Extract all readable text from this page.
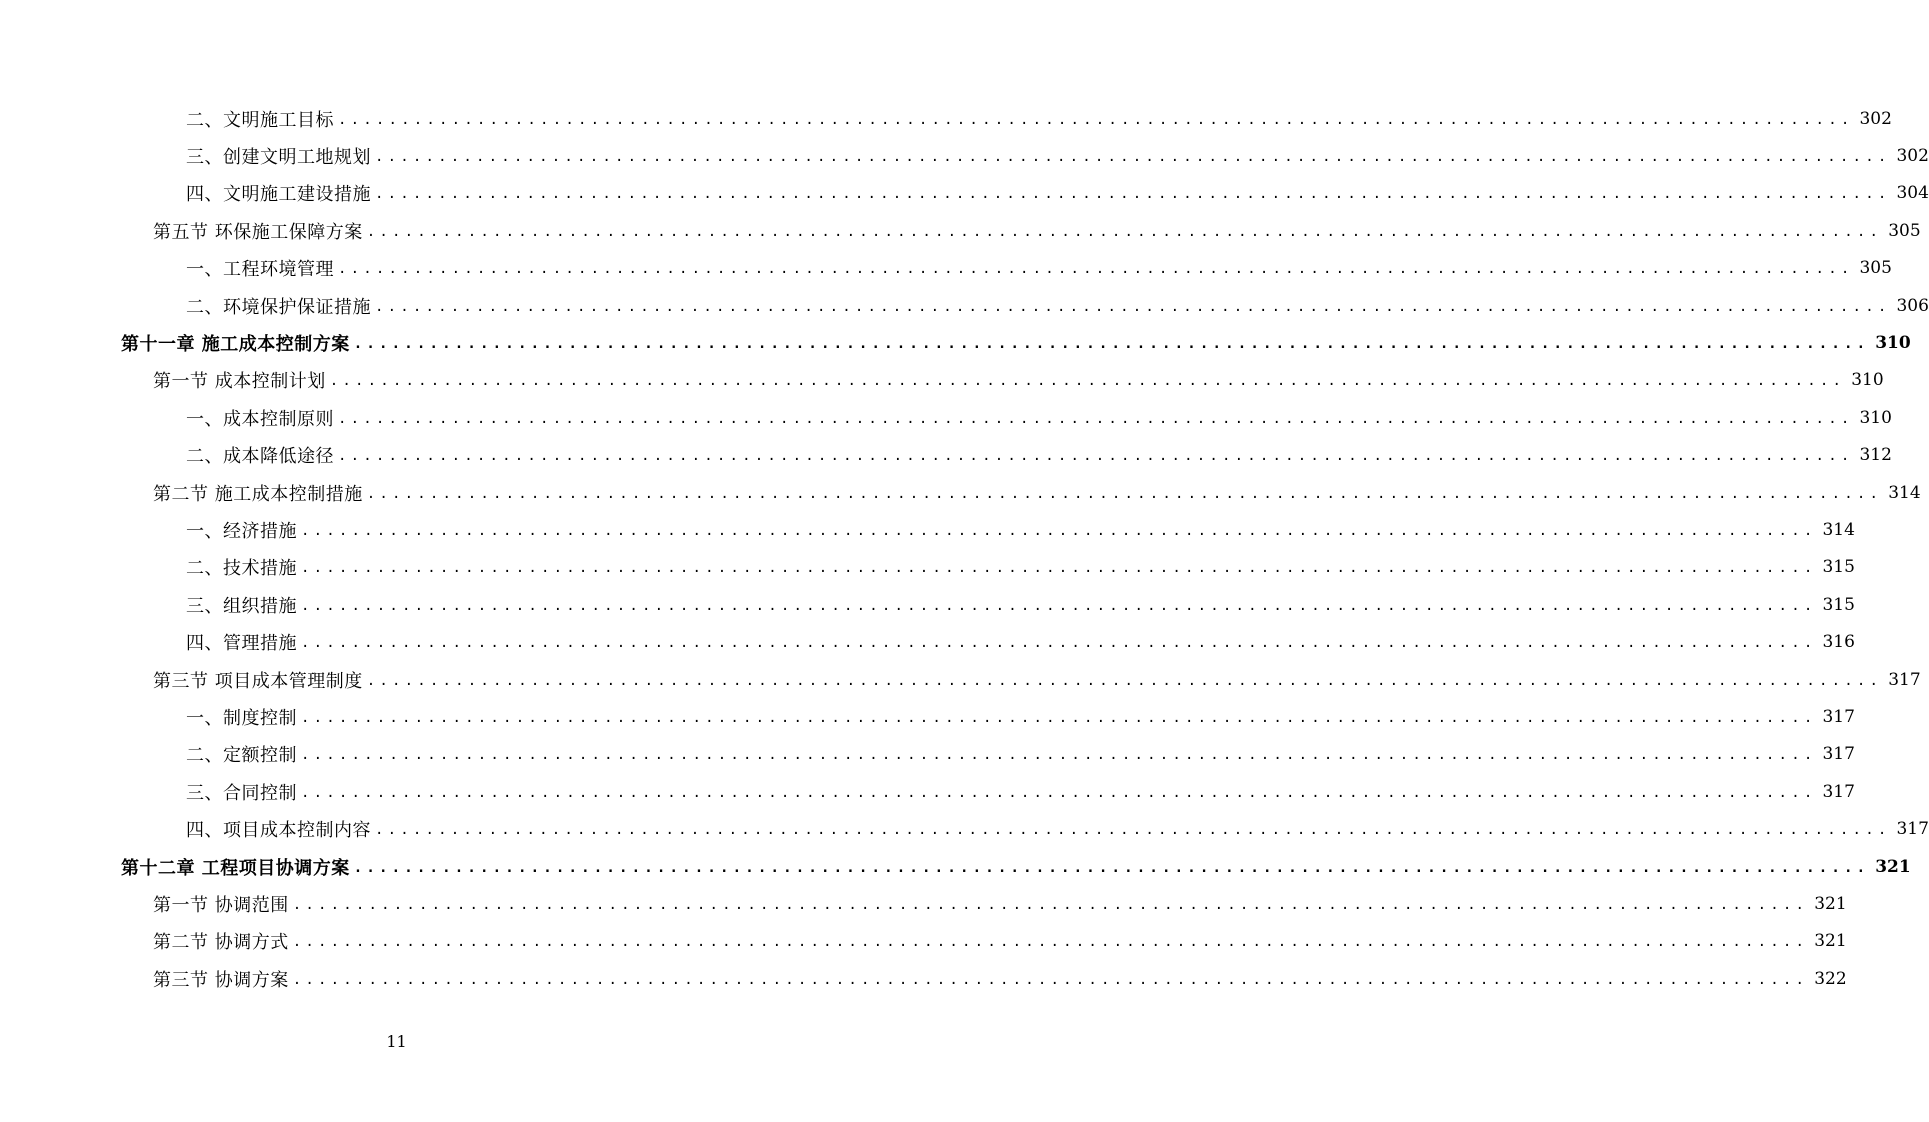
二、文明施工目标 ........................................................................................................................ 302
三、创建文明工地规划 ........................................................................................................................ 302
四、文明施工建设措施 ........................................................................................................................ 304
第五节 环保施工保障方案 ........................................................................................................................ 305
一、工程环境管理 ........................................................................................................................ 305
二、环境保护保证措施 ........................................................................................................................ 306
第十一章 施工成本控制方案 ........................................................................................................................ 310
第一节 成本控制计划 ........................................................................................................................ 310
一、成本控制原则 ........................................................................................................................ 310
二、成本降低途径 ........................................................................................................................ 312
第二节 施工成本控制措施 ........................................................................................................................ 314
一、经济措施 ........................................................................................................................ 314
二、技术措施 ........................................................................................................................ 315
三、组织措施 ........................................................................................................................ 315
四、管理措施 ........................................................................................................................ 316
第三节 项目成本管理制度 ........................................................................................................................ 317
一、制度控制 ........................................................................................................................ 317
二、定额控制 ........................................................................................................................ 317
三、合同控制 ........................................................................................................................ 317
四、项目成本控制内容 ........................................................................................................................ 317
第十二章 工程项目协调方案 ........................................................................................................................ 321
第一节 协调范围 ........................................................................................................................ 321
第二节 协调方式 ........................................................................................................................ 321
第三节 协调方案 ........................................................................................................................ 322
11
